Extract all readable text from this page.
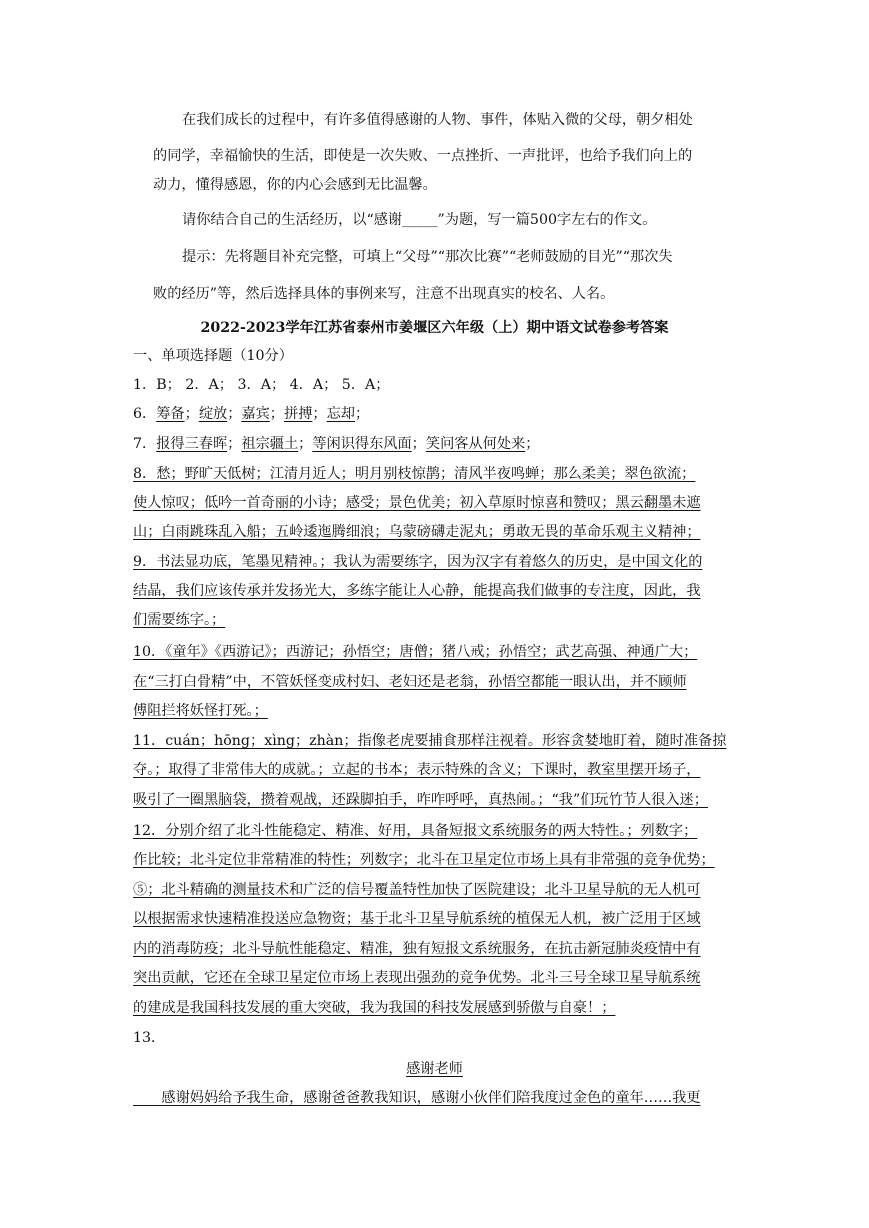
在我们成长的过程中，有许多值得感谢的人物、事件，体贴入微的父母，朝夕相处
的同学，幸福愉快的生活，即使是一次失败、一点挫折、一声批评，也给予我们向上的
动力，懂得感恩，你的内心会感到无比温馨。
请你结合自己的生活经历，以“感谢_____”为题，写一篇500字左右的作文。
提示：先将题目补充完整，可填上“父母”“那次比赛”“老师鼓励的目光”“那次失
败的经历”等，然后选择具体的事例来写，注意不出现真实的校名、人名。
2022-2023学年江苏省泰州市姜堰区六年级（上）期中语文试卷参考答案
一、单项选择题（10分）
1．B； 2．A； 3．A； 4．A； 5．A；
6．筹备；绽放；嘉宾；拼搏；忘却；
7．报得三春晖；祖宗疆土；等闲识得东风面；笑问客从何处来；
8．愁；野旷天低树；江清月近人；明月别枝惊鹊；清风半夜鸣蝉；那么柔美；翠色欲流；
使人惊叹；低吟一首奇丽的小诗；感受；景色优美；初入草原时惊喜和赞叹；黑云翻墨未遮
山；白雨跳珠乱入船；五岭逶迤腾细浪；乌蒙磅礴走泥丸；勇敢无畏的革命乐观主义精神；
9．书法显功底，笔墨见精神。；我认为需要练字，因为汉字有着悠久的历史，是中国文化的
结晶，我们应该传承并发扬光大，多练字能让人心静，能提高我们做事的专注度，因此，我
们需要练字。；
10．《童年》《西游记》；西游记；孙悟空；唐僧；猪八戒；孙悟空；武艺高强、神通广大；
在“三打白骨精”中，不管妖怪变成村妇、老妇还是老翁，孙悟空都能一眼认出，并不顾师
傅阻拦将妖怪打死。；
11．cuán；hōng；xìng；zhàn；指像老虎要捕食那样注视着。形容贪婪地盯着，随时准备掠
夺。；取得了非常伟大的成就。；立起的书本；表示特殊的含义；下课时，教室里摆开场子，
吸引了一圈黑脑袋，攒着观战，还跺脚拍手，咋咋呼呼，真热闹。；“我”们玩竹节人很入迷；
12．分别介绍了北斗性能稳定、精准、好用，具备短报文系统服务的两大特性。；列数字；
作比较；北斗定位非常精准的特性；列数字；北斗在卫星定位市场上具有非常强的竞争优势；
⑤；北斗精确的测量技术和广泛的信号覆盖特性加快了医院建设；北斗卫星导航的无人机可
以根据需求快速精准投送应急物资；基于北斗卫星导航系统的植保无人机，被广泛用于区域
内的消毒防疫；北斗导航性能稳定、精准，独有短报文系统服务，在抗击新冠肺炎疫情中有
突出贡献，它还在全球卫星定位市场上表现出强劲的竞争优势。北斗三号全球卫星导航系统
的建成是我国科技发展的重大突破，我为我国的科技发展感到骄傲与自豪！；
13．
感谢老师
　　感谢妈妈给予我生命，感谢爸爸教我知识，感谢小伙伴们陪我度过金色的童年……我更
